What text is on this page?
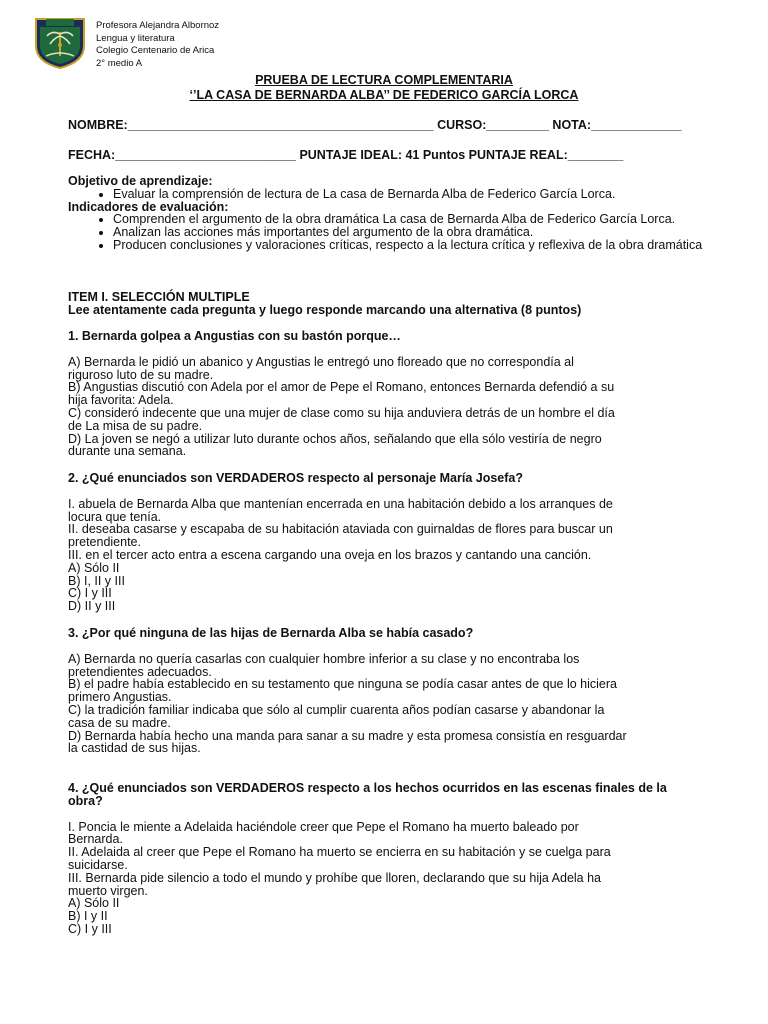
Profesora Alejandra Albornoz
Lengua y literatura
Colegio Centenario de Arica
2° medio A
PRUEBA DE LECTURA COMPLEMENTARIA
‘’LA CASA DE BERNARDA ALBA’’ DE FEDERICO GARCÍA LORCA
NOMBRE:____________________________________________ CURSO:_________ NOTA:_____________
FECHA:__________________________ PUNTAJE IDEAL: 41 Puntos PUNTAJE REAL:________

Objetivo de aprendizaje:

• Evaluar la comprensión de lectura de La casa de Bernarda Alba de Federico García Lorca.

Indicadores de evaluación:

• Comprenden el argumento de la obra dramática La casa de Bernarda Alba de Federico García Lorca.
• Analizan las acciones más importantes del argumento de la obra dramática.
• Producen conclusiones y valoraciones críticas, respecto a la lectura crítica y reflexiva de la obra dramática

ITEM I. SELECCIÓN MULTIPLE

Lee atentamente cada pregunta y luego responde marcando una alternativa (8 puntos)

1. Bernarda golpea a Angustias con su bastón porque…

A) Bernarda le pidió un abanico y Angustias le entregó uno floreado que no correspondía al

riguroso luto de su madre.

B) Angustias discutió con Adela por el amor de Pepe el Romano, entonces Bernarda defendió a su

hija favorita: Adela.

C) consideró indecente que una mujer de clase como su hija anduviera detrás de un hombre el día

de La misa de su padre.

D) La joven se negó a utilizar luto durante ochos años, señalando que ella sólo vestiría de negro

durante una semana.

2. ¿Qué enunciados son VERDADEROS respecto al personaje María Josefa?

I. abuela de Bernarda Alba que mantenían encerrada en una habitación debido a los arranques de

locura que tenía.

II. deseaba casarse y escapaba de su habitación ataviada con guirnaldas de flores para buscar un

pretendiente.

III. en el tercer acto entra a escena cargando una oveja en los brazos y cantando una canción.

A) Sólo II

B) I, II y III

C) I y III

D) II y III

3. ¿Por qué ninguna de las hijas de Bernarda Alba se había casado?

A) Bernarda no quería casarlas con cualquier hombre inferior a su clase y no encontraba los

pretendientes adecuados.

B) el padre había establecido en su testamento que ninguna se podía casar antes de que lo hiciera

primero Angustias.

C) la tradición familiar indicaba que sólo al cumplir cuarenta años podían casarse y abandonar la

casa de su madre.

D) Bernarda había hecho una manda para sanar a su madre y esta promesa consistía en resguardar

la castidad de sus hijas.

4. ¿Qué enunciados son VERDADEROS respecto a los hechos ocurridos en las escenas finales de la obra?

I. Poncia le miente a Adelaida haciéndole creer que Pepe el Romano ha muerto baleado por

Bernarda.

II. Adelaida al creer que Pepe el Romano ha muerto se encierra en su habitación y se cuelga para

suicidarse.

III. Bernarda pide silencio a todo el mundo y prohíbe que lloren, declarando que su hija Adela ha

muerto virgen.

A) Sólo II

B) I y II

C) I y III
